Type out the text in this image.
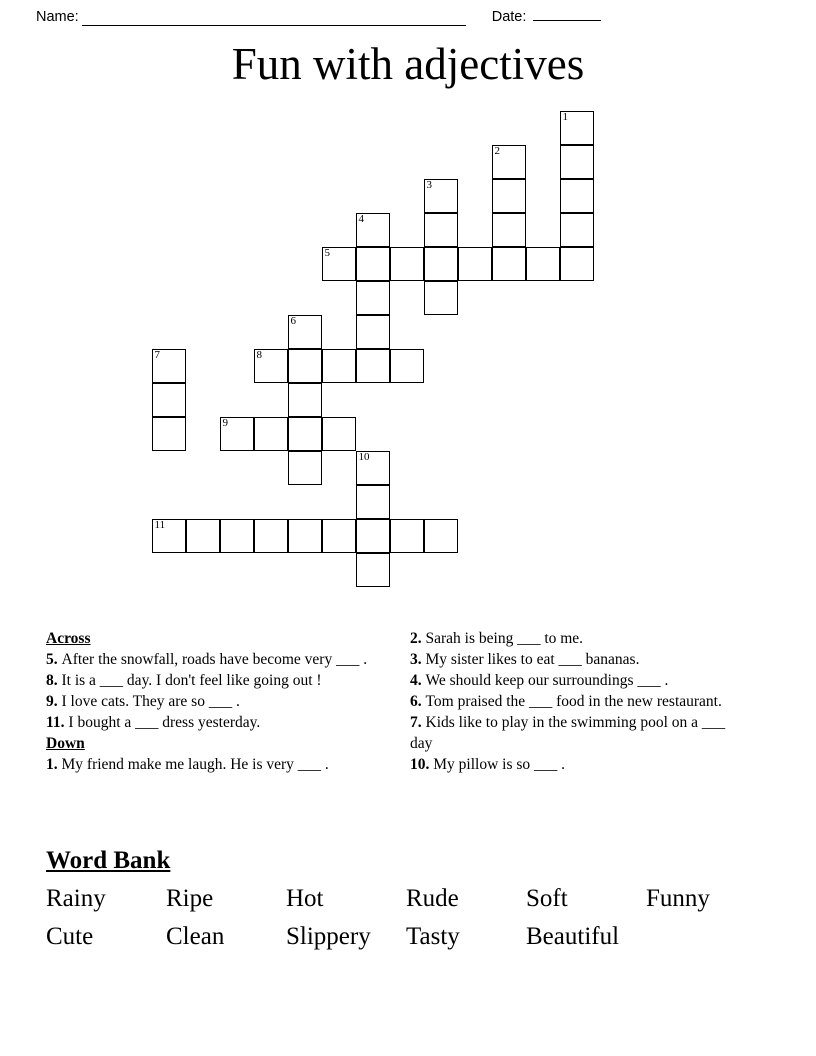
Name:	Date:
Fun with adjectives
1
2
3
4
5
6
7	8
9
10
11
Across
5. After the snowfall, roads have become very ___ .
8. It is a ___ day. I don't feel like going out !
9. I love cats. They are so ___ .
11. I bought a ___ dress yesterday.
Down
1. My friend make me laugh. He is very ___ .
2. Sarah is being ___ to me.
3. My sister likes to eat ___ bananas.
4. We should keep our surroundings ___ .
6. Tom praised the ___ food in the new restaurant.
7. Kids like to play in the swimming pool on a ___ day
10. My pillow is so ___ .
Word Bank
Rainy	Ripe	Hot	Rude	Soft	Funny
Cute	Clean	Slippery	Tasty	Beautiful
